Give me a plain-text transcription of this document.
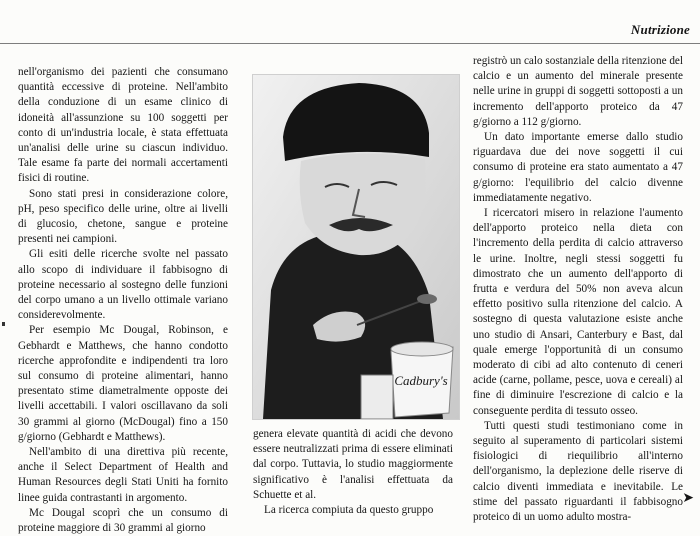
Nutrizione

nell'organismo dei pazienti che consumano quantità eccessive di proteine. Nell'ambito della conduzione di un esame clinico di idoneità all'assunzione su 100 soggetti per conto di un'industria locale, è stata effettuata un'analisi delle urine su ciascun individuo. Tale esame fa parte dei normali accertamenti fisici di routine.

Sono stati presi in considerazione colore, pH, peso specifico delle urine, oltre ai livelli di glucosio, chetone, sangue e proteine presenti nei campioni.

Gli esiti delle ricerche svolte nel passato allo scopo di individuare il fabbisogno di proteine necessario al sostegno delle funzioni del corpo umano a un livello ottimale variano considerevolmente.

Per esempio Mc Dougal, Robinson, e Gebhardt e Matthews, che hanno condotto ricerche approfondite e indipendenti tra loro sul consumo di proteine alimentari, hanno presentato stime diametralmente opposte dei livelli accettabili. I valori oscillavano da soli 30 grammi al giorno (McDougal) fino a 150 g/giorno (Gebhardt e Matthews).

Nell'ambito di una direttiva più recente, anche il Select Department of Health and Human Resources degli Stati Uniti ha fornito linee guida contrastanti in argomento.

Mc Dougal scoprì che un consumo di proteine maggiore di 30 grammi al giorno

Cadbury's

genera elevate quantità di acidi che devono essere neutralizzati prima di essere eliminati dal corpo. Tuttavia, lo studio maggiormente significativo è l'analisi effettuata da Schuette et al.

La ricerca compiuta da questo gruppo

registrò un calo sostanziale della ritenzione del calcio e un aumento del minerale presente nelle urine in gruppi di soggetti sottoposti a un incremento dell'apporto proteico da 47 g/giorno a 112 g/giorno.

Un dato importante emerse dallo studio riguardava due dei nove soggetti il cui consumo di proteine era stato aumentato a 47 g/giorno: l'equilibrio del calcio divenne immediatamente negativo.

I ricercatori misero in relazione l'aumento dell'apporto proteico nella dieta con l'incremento della perdita di calcio attraverso le urine. Inoltre, negli stessi soggetti fu dimostrato che un aumento dell'apporto di frutta e verdura del 50% non aveva alcun effetto positivo sulla ritenzione del calcio. A sostegno di questa valutazione esiste anche uno studio di Ansari, Canterbury e Bast, dal quale emerge l'opportunità di un consumo moderato di cibi ad alto contenuto di ceneri acide (carne, pollame, pesce, uova e cereali) al fine di diminuire l'escrezione di calcio e la conseguente perdita di tessuto osseo.

Tutti questi studi testimoniano come in seguito al superamento di particolari sistemi fisiologici di riequilibrio all'interno dell'organismo, la deplezione delle riserve di calcio diventi immediata e inevitabile. Le stime del passato riguardanti il fabbisogno proteico di un uomo adulto mostra-

➤
